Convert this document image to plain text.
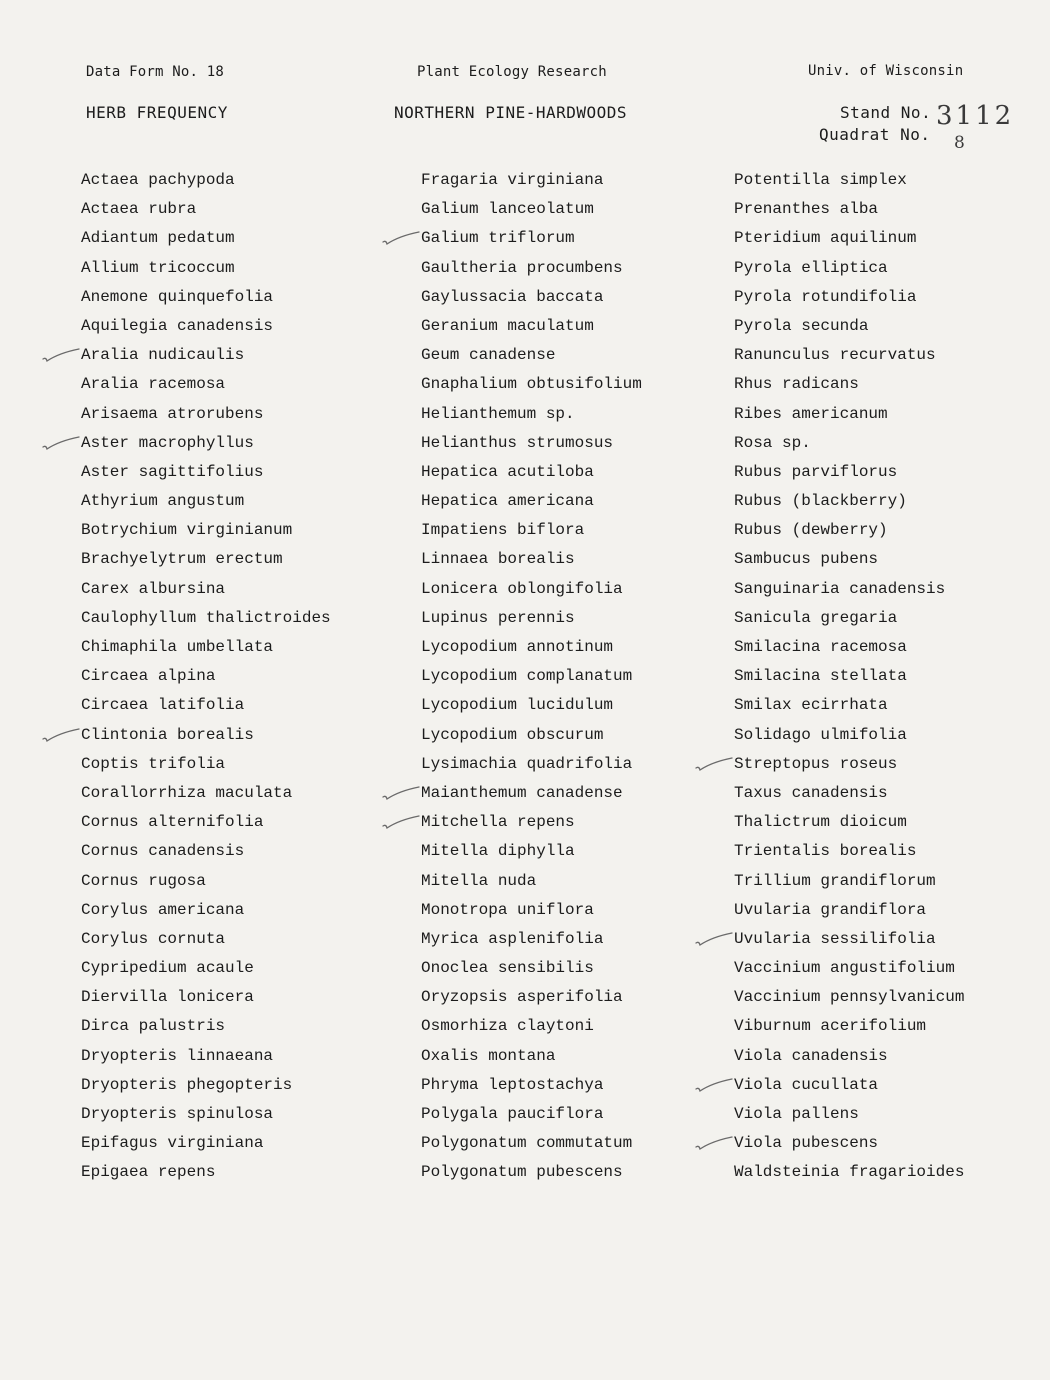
Data Form No. 18	Plant Ecology Research	Univ. of Wisconsin
HERB FREQUENCY	NORTHERN PINE-HARDWOODS	Stand No. 3112
Quadrat No. 8
Actaea pachypoda
Actaea rubra
Adiantum pedatum
Allium tricoccum
Anemone quinquefolia
Aquilegia canadensis
Aralia nudicaulis
Aralia racemosa
Arisaema atrorubens
Aster macrophyllus
Aster sagittifolius
Athyrium angustum
Botrychium virginianum
Brachyelytrum erectum
Carex albursina
Caulophyllum thalictroides
Chimaphila umbellata
Circaea alpina
Circaea latifolia
Clintonia borealis
Coptis trifolia
Corallorrhiza maculata
Cornus alternifolia
Cornus canadensis
Cornus rugosa
Corylus americana
Corylus cornuta
Cypripedium acaule
Diervilla lonicera
Dirca palustris
Dryopteris linnaeana
Dryopteris phegopteris
Dryopteris spinulosa
Epifagus virginiana
Epigaea repens
Fragaria virginiana
Galium lanceolatum
Galium triflorum
Gaultheria procumbens
Gaylussacia baccata
Geranium maculatum
Geum canadense
Gnaphalium obtusifolium
Helianthemum sp.
Helianthus strumosus
Hepatica acutiloba
Hepatica americana
Impatiens biflora
Linnaea borealis
Lonicera oblongifolia
Lupinus perennis
Lycopodium annotinum
Lycopodium complanatum
Lycopodium lucidulum
Lycopodium obscurum
Lysimachia quadrifolia
Maianthemum canadense
Mitchella repens
Mitella diphylla
Mitella nuda
Monotropa uniflora
Myrica asplenifolia
Onoclea sensibilis
Oryzopsis asperifolia
Osmorhiza claytoni
Oxalis montana
Phryma leptostachya
Polygala pauciflora
Polygonatum commutatum
Polygonatum pubescens
Potentilla simplex
Prenanthes alba
Pteridium aquilinum
Pyrola elliptica
Pyrola rotundifolia
Pyrola secunda
Ranunculus recurvatus
Rhus radicans
Ribes americanum
Rosa sp.
Rubus parviflorus
Rubus (blackberry)
Rubus (dewberry)
Sambucus pubens
Sanguinaria canadensis
Sanicula gregaria
Smilacina racemosa
Smilacina stellata
Smilax ecirrhata
Solidago ulmifolia
Streptopus roseus
Taxus canadensis
Thalictrum dioicum
Trientalis borealis
Trillium grandiflorum
Uvularia grandiflora
Uvularia sessilifolia
Vaccinium angustifolium
Vaccinium pennsylvanicum
Viburnum acerifolium
Viola canadensis
Viola cucullata
Viola pallens
Viola pubescens
Waldsteinia fragarioides
